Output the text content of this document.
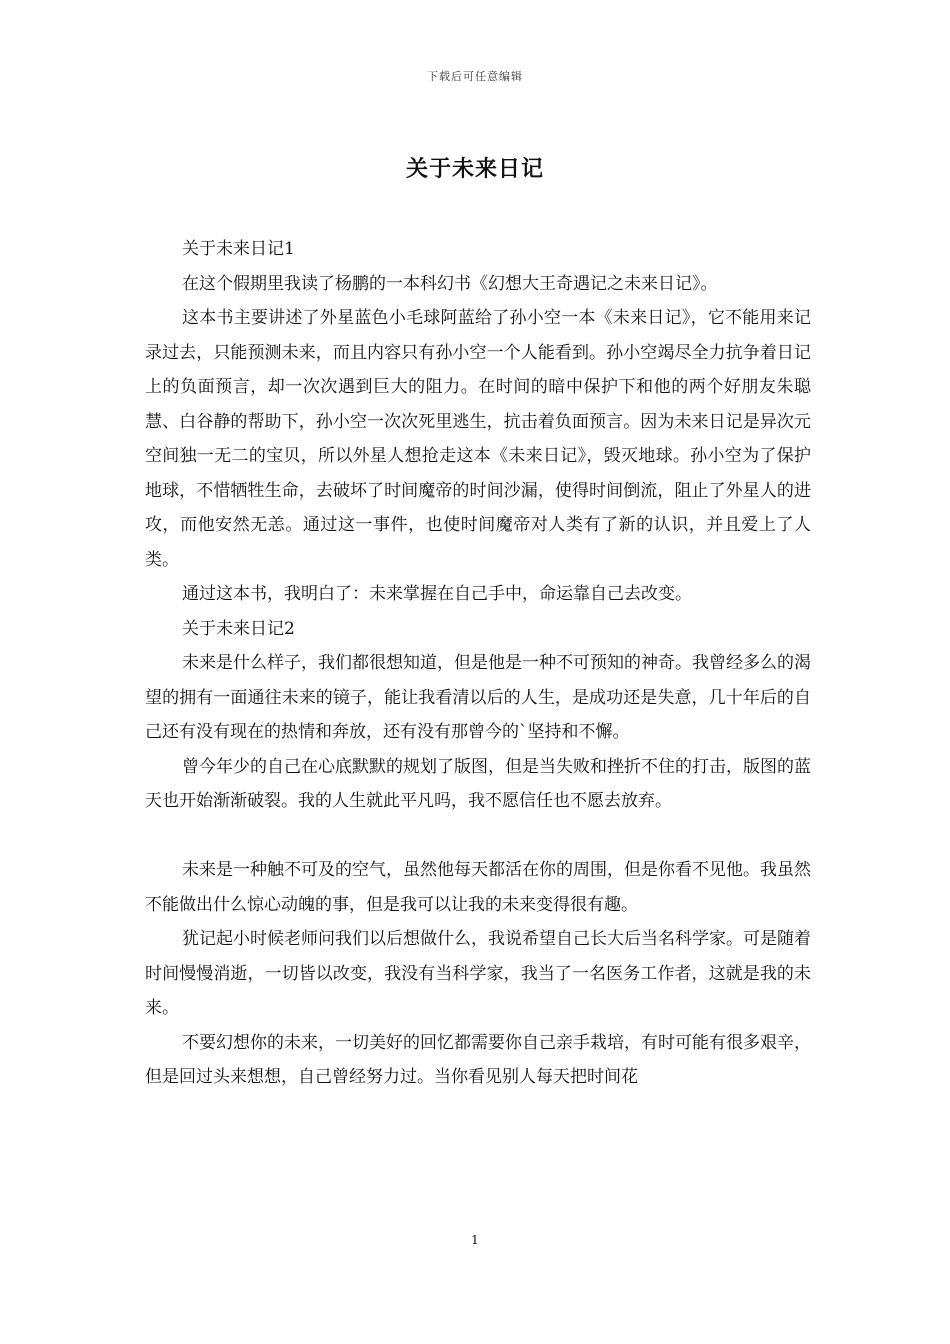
下载后可任意编辑
关于未来日记

关于未来日记1

在这个假期里我读了杨鹏的一本科幻书《幻想大王奇遇记之未来日记》。

这本书主要讲述了外星蓝色小毛球阿蓝给了孙小空一本《未来日记》，它不能用来记录过去，只能预测未来，而且内容只有孙小空一个人能看到。孙小空竭尽全力抗争着日记上的负面预言，却一次次遇到巨大的阻力。在时间的暗中保护下和他的两个好朋友朱聪慧、白谷静的帮助下，孙小空一次次死里逃生，抗击着负面预言。因为未来日记是异次元空间独一无二的宝贝，所以外星人想抢走这本《未来日记》，毁灭地球。孙小空为了保护地球，不惜牺牲生命，去破坏了时间魔帝的时间沙漏，使得时间倒流，阻止了外星人的进攻，而他安然无恙。通过这一事件，也使时间魔帝对人类有了新的认识，并且爱上了人类。

通过这本书，我明白了：未来掌握在自己手中，命运靠自己去改变。

关于未来日记2

未来是什么样子，我们都很想知道，但是他是一种不可预知的神奇。我曾经多么的渴望的拥有一面通往未来的镜子，能让我看清以后的人生，是成功还是失意，几十年后的自己还有没有现在的热情和奔放，还有没有那曾今的`坚持和不懈。

曾今年少的自己在心底默默的规划了版图，但是当失败和挫折不住的打击，版图的蓝天也开始渐渐破裂。我的人生就此平凡吗，我不愿信任也不愿去放弃。

未来是一种触不可及的空气，虽然他每天都活在你的周围，但是你看不见他。我虽然不能做出什么惊心动魄的事，但是我可以让我的未来变得很有趣。

犹记起小时候老师问我们以后想做什么，我说希望自己长大后当名科学家。可是随着时间慢慢消逝，一切皆以改变，我没有当科学家，我当了一名医务工作者，这就是我的未来。

不要幻想你的未来，一切美好的回忆都需要你自己亲手栽培，有时可能有很多艰辛，但是回过头来想想，自己曾经努力过。当你看见别人每天把时间花

1
